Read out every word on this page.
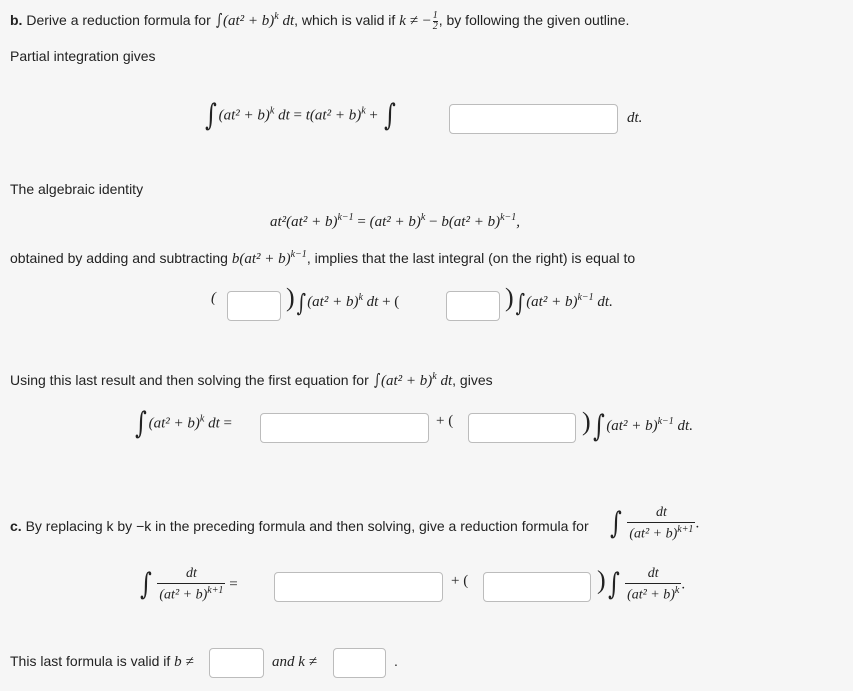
b. Derive a reduction formula for $\int(at^2 + b)^k$ dt, which is valid if k ≠ − $\frac{1}{2}$ , by following the given outline.
Partial integration gives
∫ $(at^2 + b)^k$ dt = $t(at^2 + b)^k$ + ∫	dt.
The algebraic identity
$at^2(at^2 + b)^{k-1} = (at^2 + b)^k - b(at^2 + b)^{k-1}$,
obtained by adding and subtracting $b(at^2 + b)^{k-1}$, implies that the last integral (on the right) is equal to
(	)∫ $(at^2 + b)^k$ dt + (	)∫ $(at^2 + b)^{k-1}$ dt.
Using this last result and then solving the first equation for $\int(at^2 + b)^k$ dt, gives
∫ $(at^2 + b)^k$ dt =	+ (	)∫ $(at^2 + b)^{k-1}$ dt.
c. By replacing k by −k in the preceding formula and then solving, give a reduction formula for ∫ $\frac{dt}{(at^2 + b)^{k+1}}$ .
∫ $\frac{dt}{(at^2 + b)^{k+1}}$ =	+ (	)∫ $\frac{dt}{(at^2 + b)^k}$ .
This last formula is valid if b ≠	and k ≠	.
